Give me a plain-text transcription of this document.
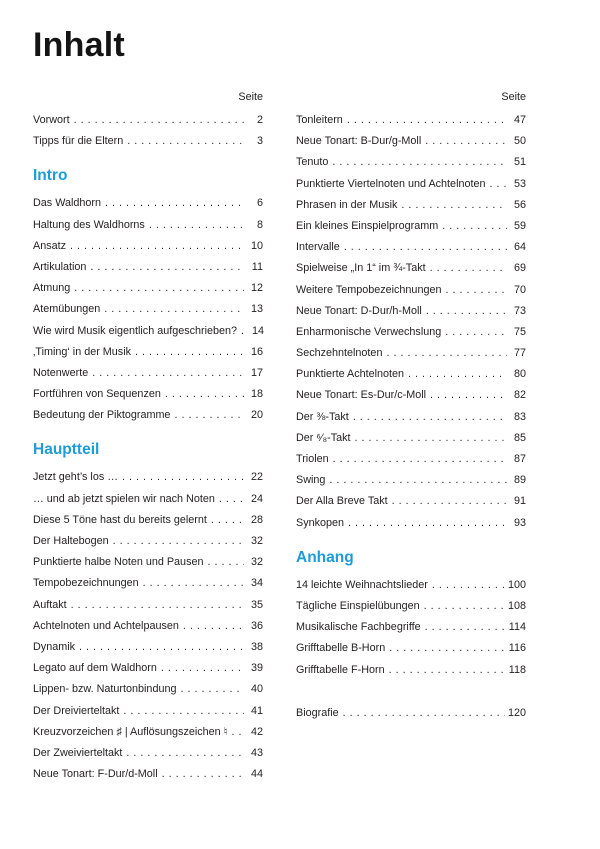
Inhalt
Seite
Vorwort . . .	2
Tipps für die Eltern . . .	3
Intro
Das Waldhorn . . .	6
Haltung des Waldhorns . . .	8
Ansatz . . .	10
Artikulation . . .	11
Atmung . . .	12
Atemübungen . . .	13
Wie wird Musik eigentlich aufgeschrieben? . . .	14
‚Timing‘ in der Musik . . .	16
Notenwerte . . .	17
Fortführen von Sequenzen . . .	18
Bedeutung der Piktogramme . . .	20
Hauptteil
Jetzt geht’s los … . . .	22
… und ab jetzt spielen wir nach Noten . . .	24
Diese 5 Töne hast du bereits gelernt . . .	28
Der Haltebogen . . .	32
Punktierte halbe Noten und Pausen . . .	32
Tempobezeichnungen . . .	34
Auftakt . . .	35
Achtelnoten und Achtelpausen . . .	36
Dynamik . . .	38
Legato auf dem Waldhorn . . .	39
Lippen- bzw. Naturtonbindung . . .	40
Der Dreivierteltakt . . .	41
Kreuzvorzeichen ♯ | Auflösungszeichen ♮ . . .	42
Der Zweivierteltakt . . .	43
Neue Tonart: F-Dur/d-Moll . . .	44
Seite
Tonleitern . . .	47
Neue Tonart: B-Dur/g-Moll . . .	50
Tenuto . . .	51
Punktierte Viertelnoten und Achtelnoten . . .	53
Phrasen in der Musik . . .	56
Ein kleines Einspielprogramm . . .	59
Intervalle . . .	64
Spielweise „In 1“ im ¾-Takt . . .	69
Weitere Tempobezeichnungen . . .	70
Neue Tonart: D-Dur/h-Moll . . .	73
Enharmonische Verwechslung . . .	75
Sechzehntelnoten . . .	77
Punktierte Achtelnoten . . .	80
Neue Tonart: Es-Dur/c-Moll . . .	82
Der ⅜-Takt . . .	83
Der ⁶⁄₈-Takt . . .	85
Triolen . . .	87
Swing . . .	89
Der Alla Breve Takt . . .	91
Synkopen . . .	93
Anhang
14 leichte Weihnachtslieder . . .	100
Tägliche Einspielübungen . . .	108
Musikalische Fachbegriffe . . .	114
Grifftabelle B-Horn . . .	116
Grifftabelle F-Horn . . .	118
Biografie . . .	120
